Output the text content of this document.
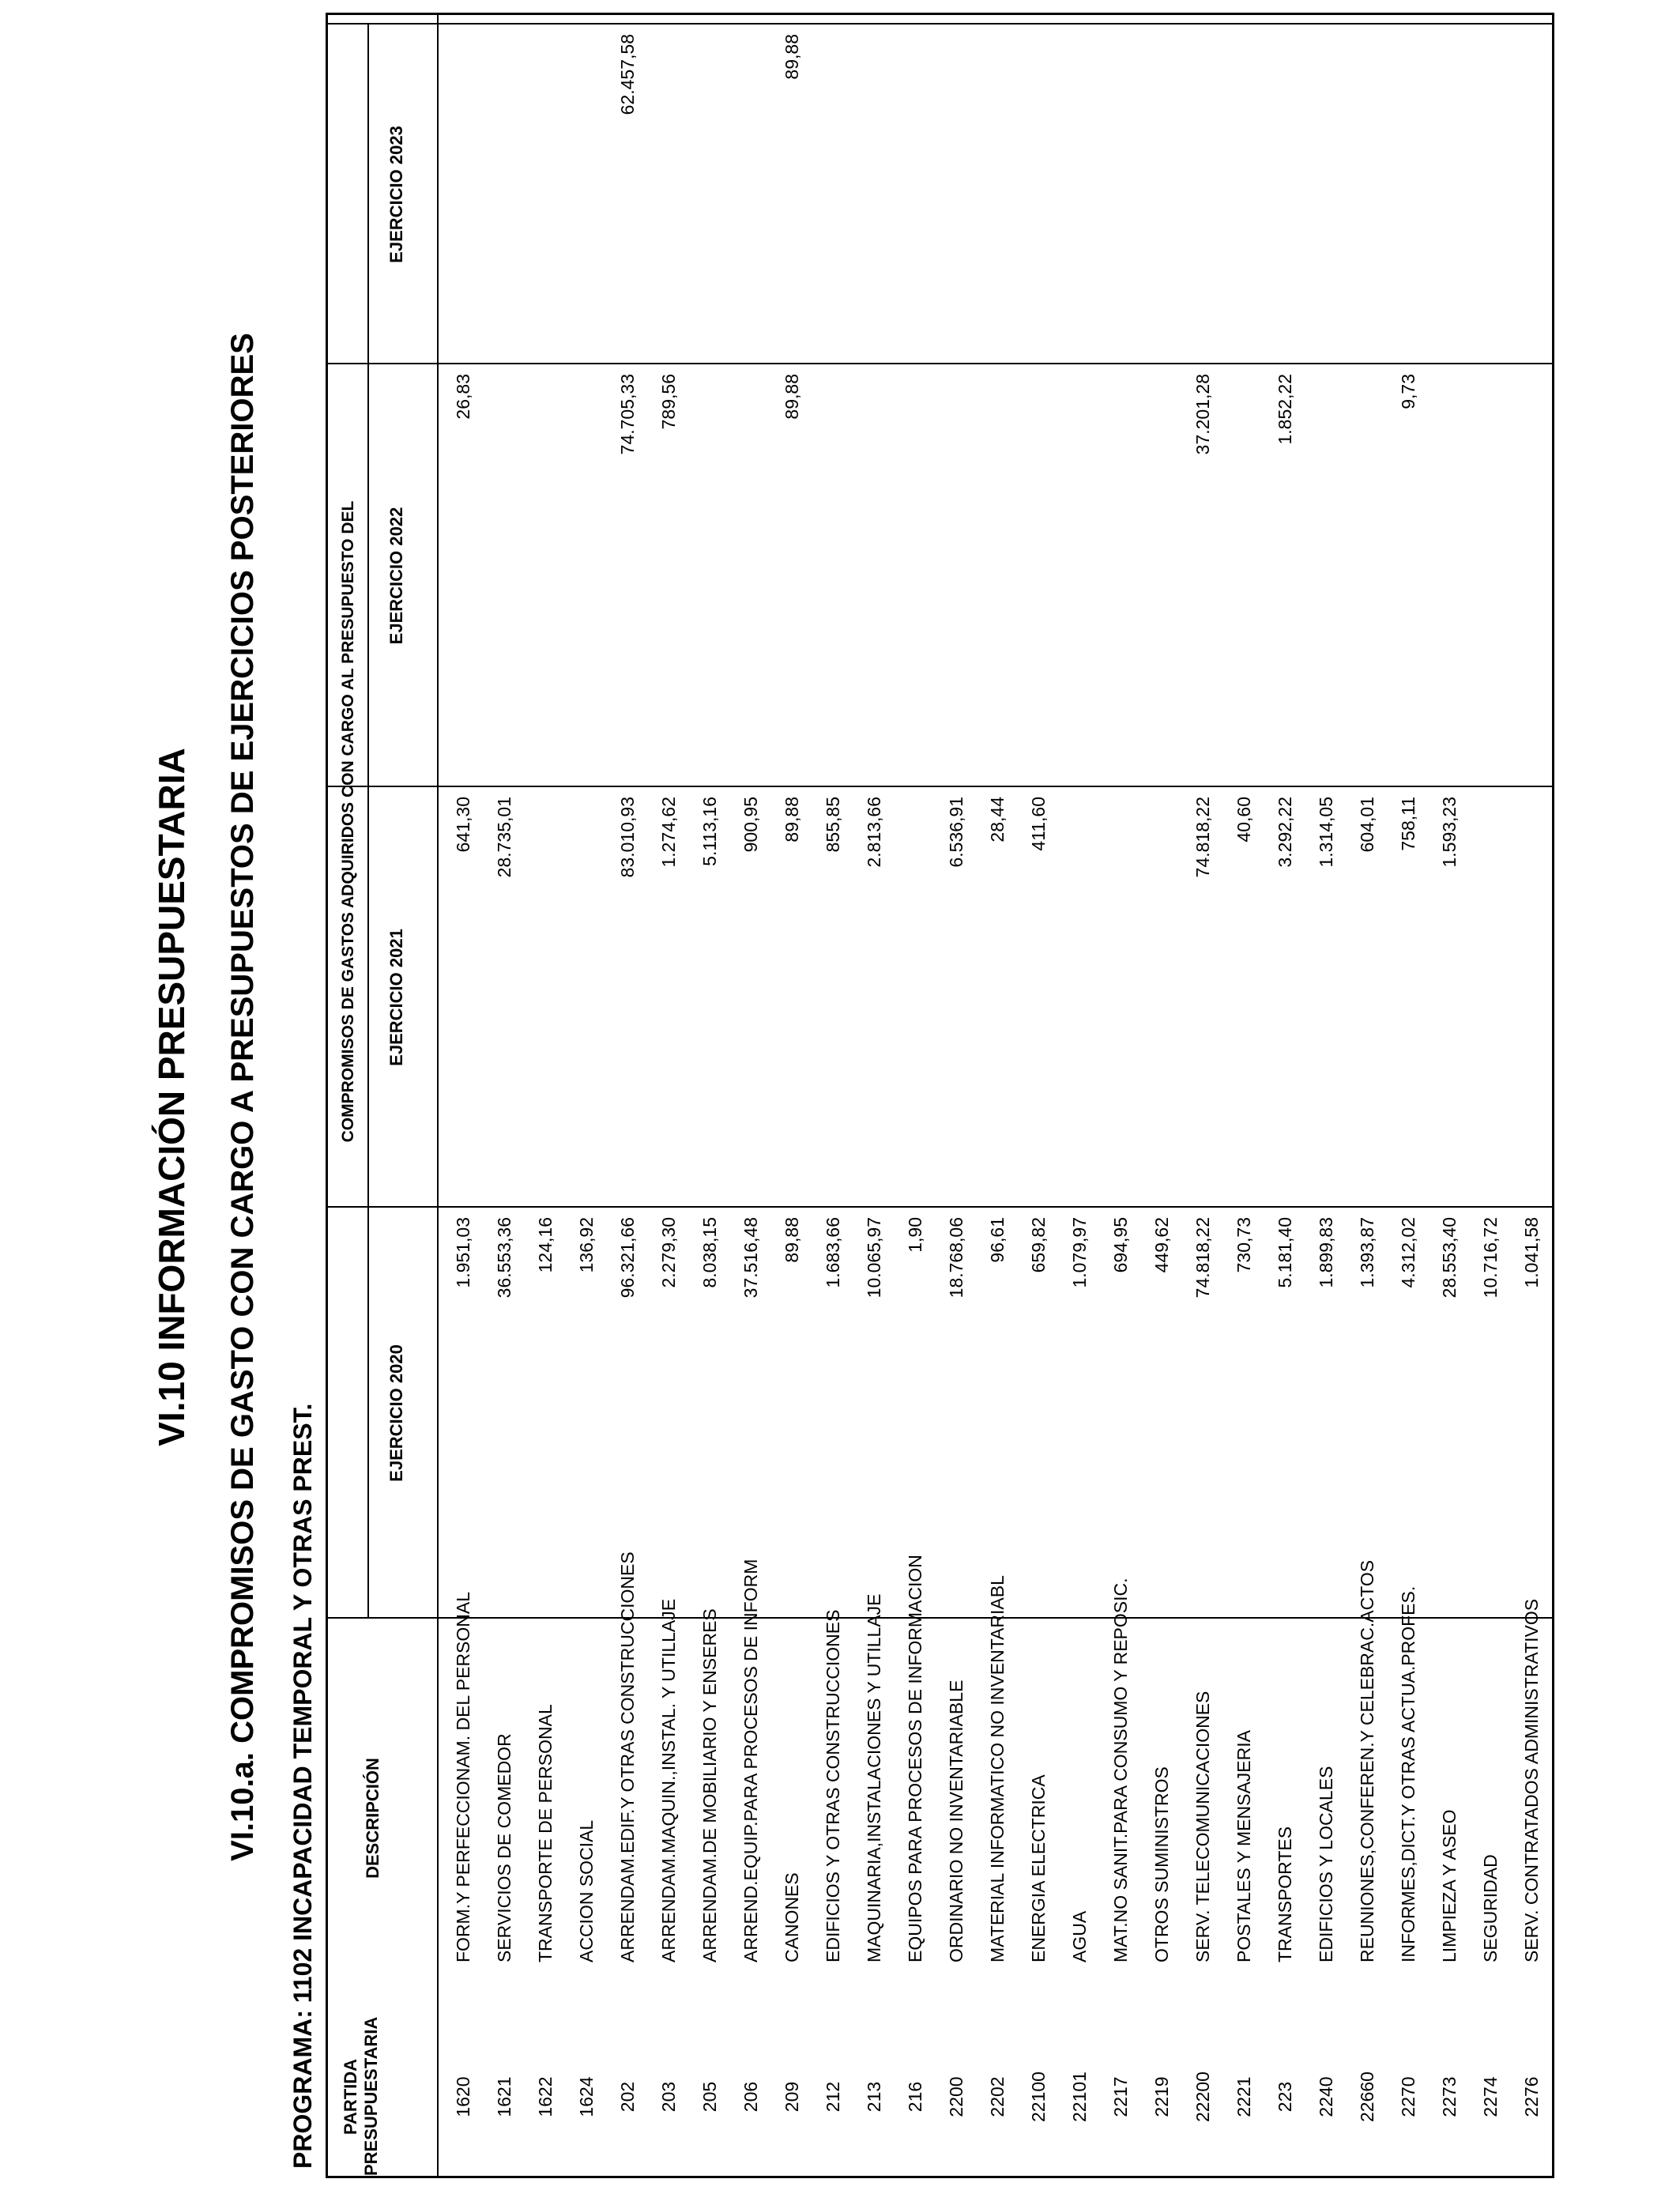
VI.10 INFORMACIÓN PRESUPUESTARIA VI.10.a. COMPROMISOS DE GASTO CON CARGO A PRESUPUESTOS DE EJERCICIOS POSTERIORES PROGRAMA: 1102 INCAPACIDAD TEMPORAL Y OTRAS PREST. PARTIDA
PRESUPUESTARIA
DESCRIPCIÓN
COMPROMISOS DE GASTOS ADQUIRIDOS CON CARGO AL PRESUPUESTO DEL
EJERCICIO 2020
EJERCICIO 2021
EJERCICIO 2022
EJERCICIO 2023
1620
FORM.Y PERFECCIONAM. DEL PERSONAL
1.951,03
641,30
26,83
1621
SERVICIOS DE COMEDOR
36.553,36
28.735,01
1622
TRANSPORTE DE PERSONAL
124,16
1624
ACCION SOCIAL
136,92
202
ARRENDAM.EDIF.Y OTRAS CONSTRUCCIONES
96.321,66
83.010,93
74.705,33
62.457,58
203
ARRENDAM.MAQUIN.,INSTAL. Y UTILLAJE
2.279,30
1.274,62
789,56
205
ARRENDAM.DE MOBILIARIO Y ENSERES
8.038,15
5.113,16
206
ARREND.EQUIP.PARA PROCESOS DE INFORM
37.516,48
900,95
209
CANONES
89,88
89,88
89,88
89,88
212
EDIFICIOS Y OTRAS CONSTRUCCIONES
1.683,66
855,85
213
MAQUINARIA,INSTALACIONES Y UTILLAJE
10.065,97
2.813,66
216
EQUIPOS PARA PROCESOS DE INFORMACION
1,90
2200
ORDINARIO NO INVENTARIABLE
18.768,06
6.536,91
2202
MATERIAL INFORMATICO NO INVENTARIABL
96,61
28,44
22100
ENERGIA ELECTRICA
659,82
411,60
22101
AGUA
1.079,97
2217
MAT.NO SANIT.PARA CONSUMO Y REPOSIC.
694,95
2219
OTROS SUMINISTROS
449,62
22200
SERV. TELECOMUNICACIONES
74.818,22
74.818,22
37.201,28
2221
POSTALES Y MENSAJERIA
730,73
40,60
223
TRANSPORTES
5.181,40
3.292,22
1.852,22
2240
EDIFICIOS Y LOCALES
1.899,83
1.314,05
22660
REUNIONES,CONFEREN.Y CELEBRAC.ACTOS
1.393,87
604,01
2270
INFORMES,DICT.Y OTRAS ACTUA.PROFES.
4.312,02
758,11
9,73
2273
LIMPIEZA Y ASEO
28.553,40
1.593,23
2274
SEGURIDAD
10.716,72
2276
SERV. CONTRATADOS ADMINISTRATIVOS
1.041,58
